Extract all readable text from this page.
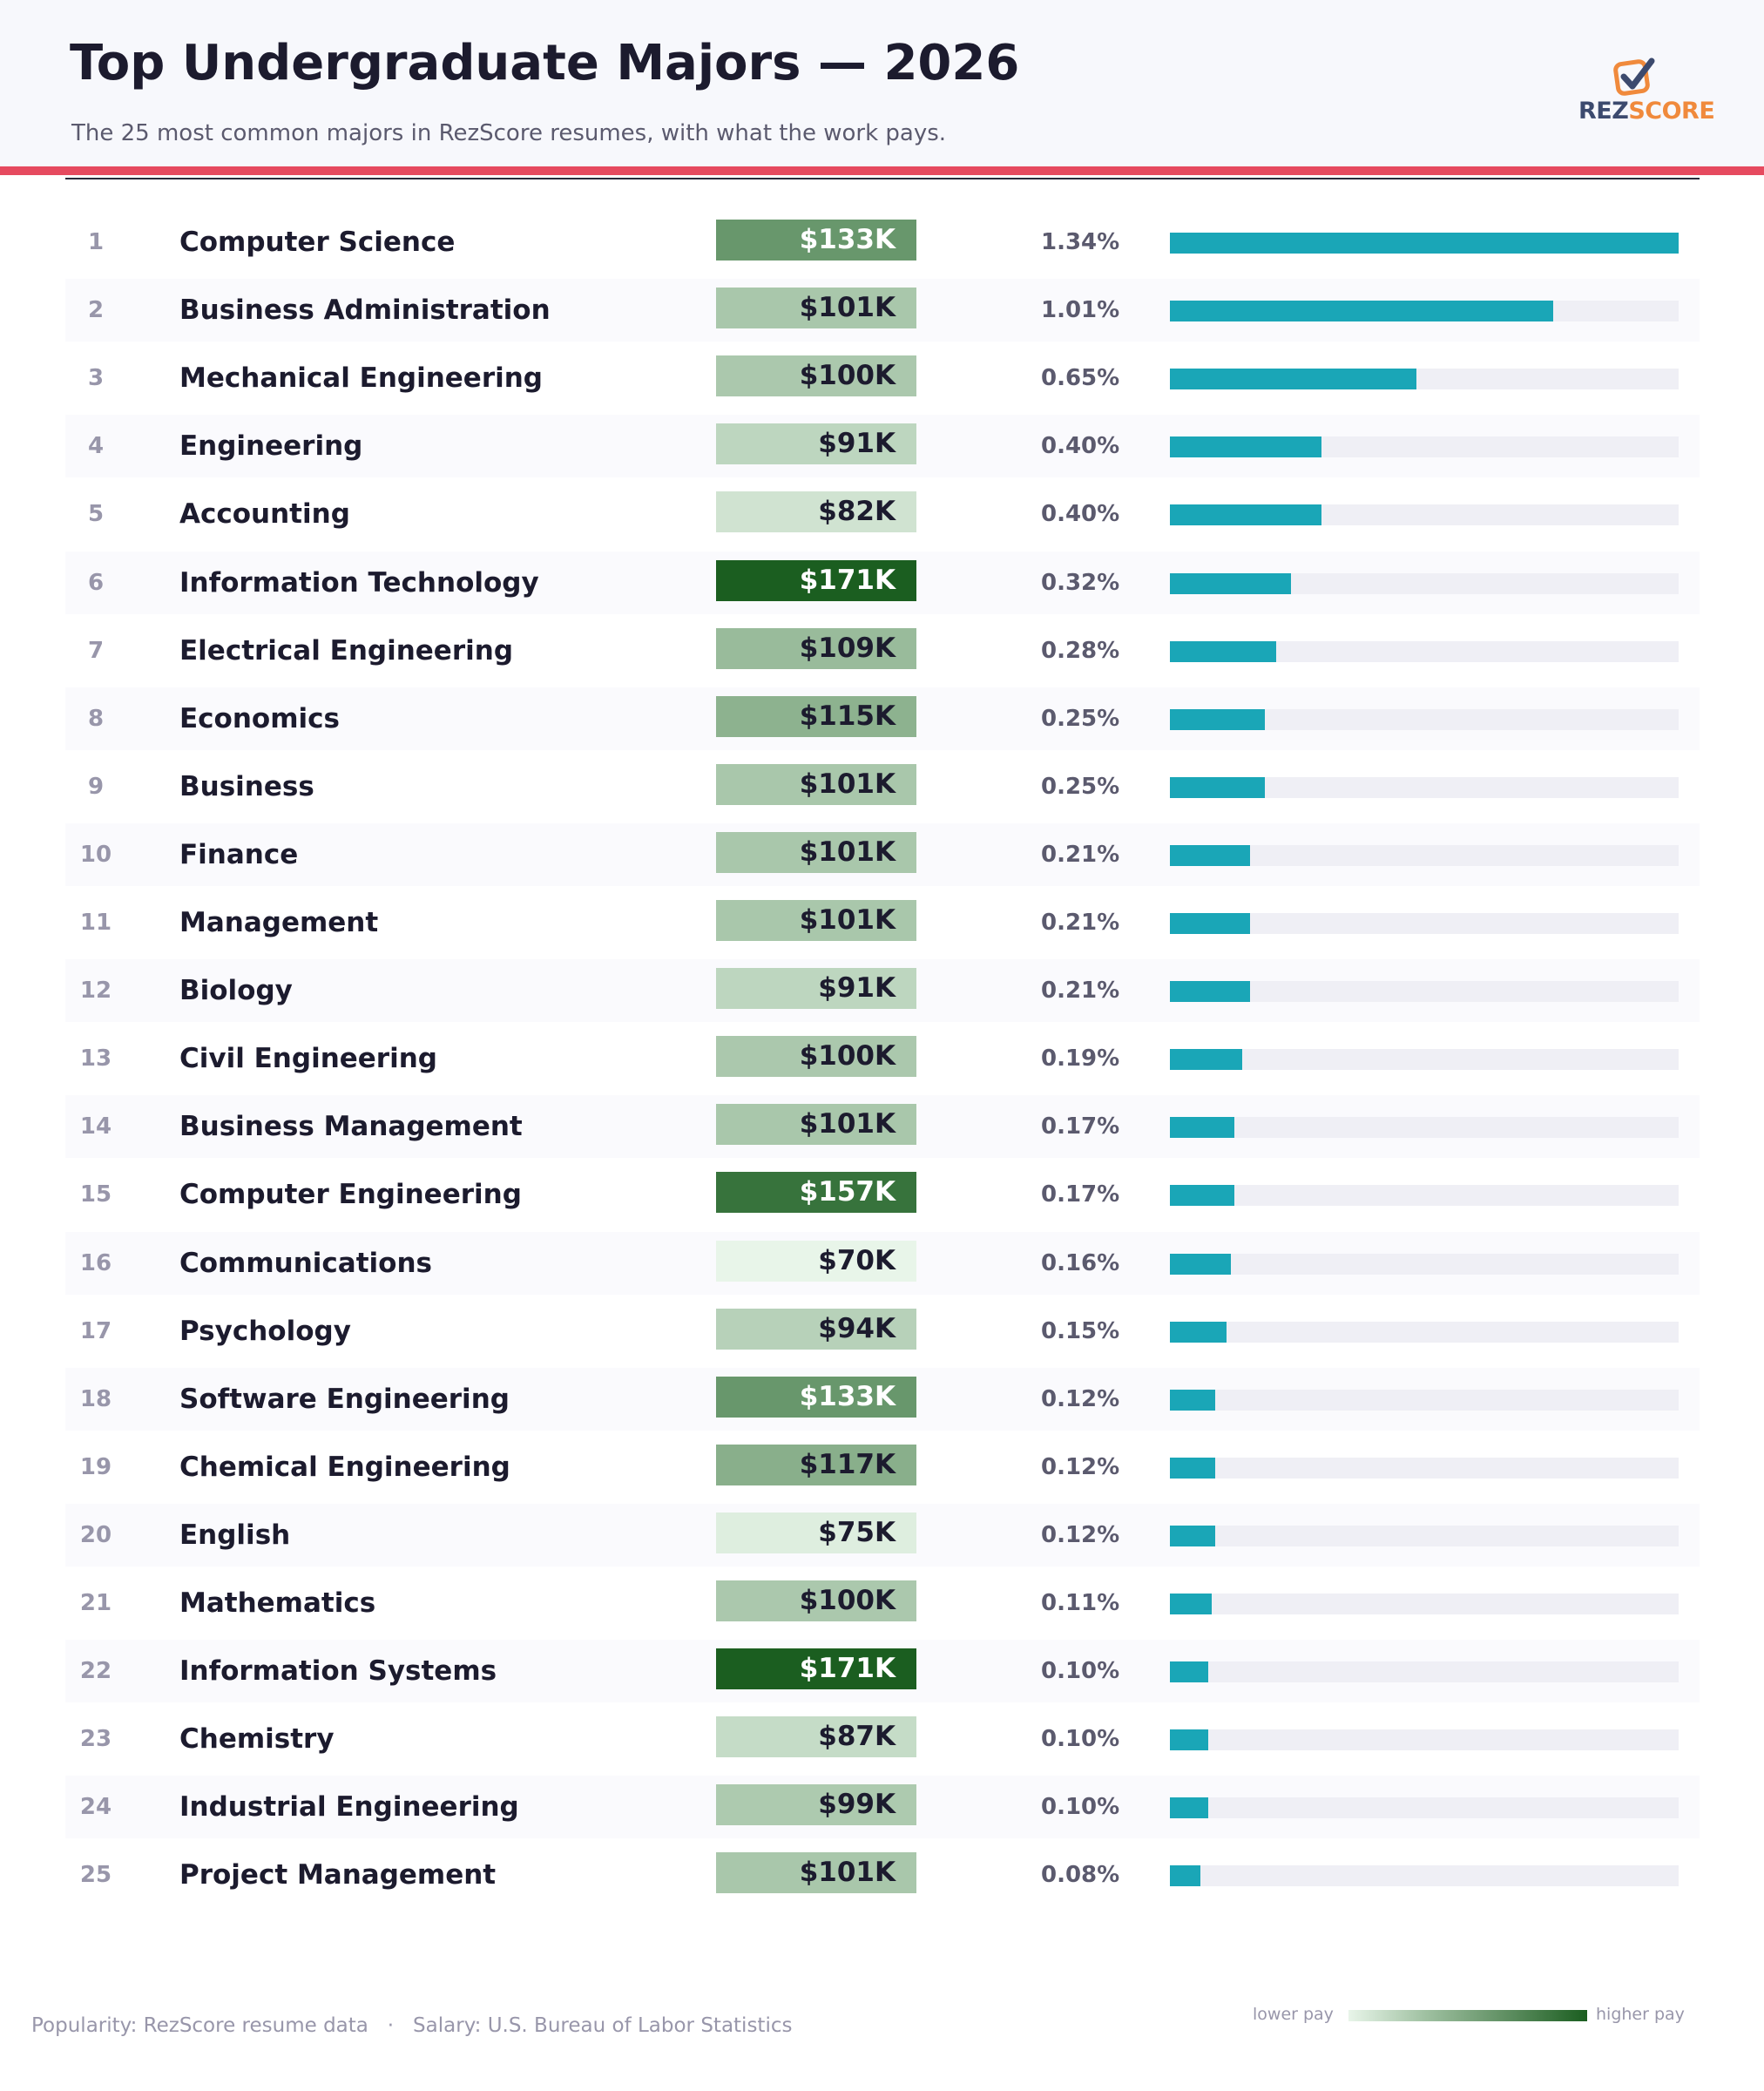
Top Undergraduate Majors — 2026
The 25 most common majors in RezScore resumes, with what the work pays.
REZSCORE
1	Computer Science	$133K	1.34%
2	Business Administration	$101K	1.01%
3	Mechanical Engineering	$100K	0.65%
4	Engineering	$91K	0.40%
5	Accounting	$82K	0.40%
6	Information Technology	$171K	0.32%
7	Electrical Engineering	$109K	0.28%
8	Economics	$115K	0.25%
9	Business	$101K	0.25%
10	Finance	$101K	0.21%
11	Management	$101K	0.21%
12	Biology	$91K	0.21%
13	Civil Engineering	$100K	0.19%
14	Business Management	$101K	0.17%
15	Computer Engineering	$157K	0.17%
16	Communications	$70K	0.16%
17	Psychology	$94K	0.15%
18	Software Engineering	$133K	0.12%
19	Chemical Engineering	$117K	0.12%
20	English	$75K	0.12%
21	Mathematics	$100K	0.11%
22	Information Systems	$171K	0.10%
23	Chemistry	$87K	0.10%
24	Industrial Engineering	$99K	0.10%
25	Project Management	$101K	0.08%
Popularity: RezScore resume data   ·   Salary: U.S. Bureau of Labor Statistics	lower pay	higher pay
